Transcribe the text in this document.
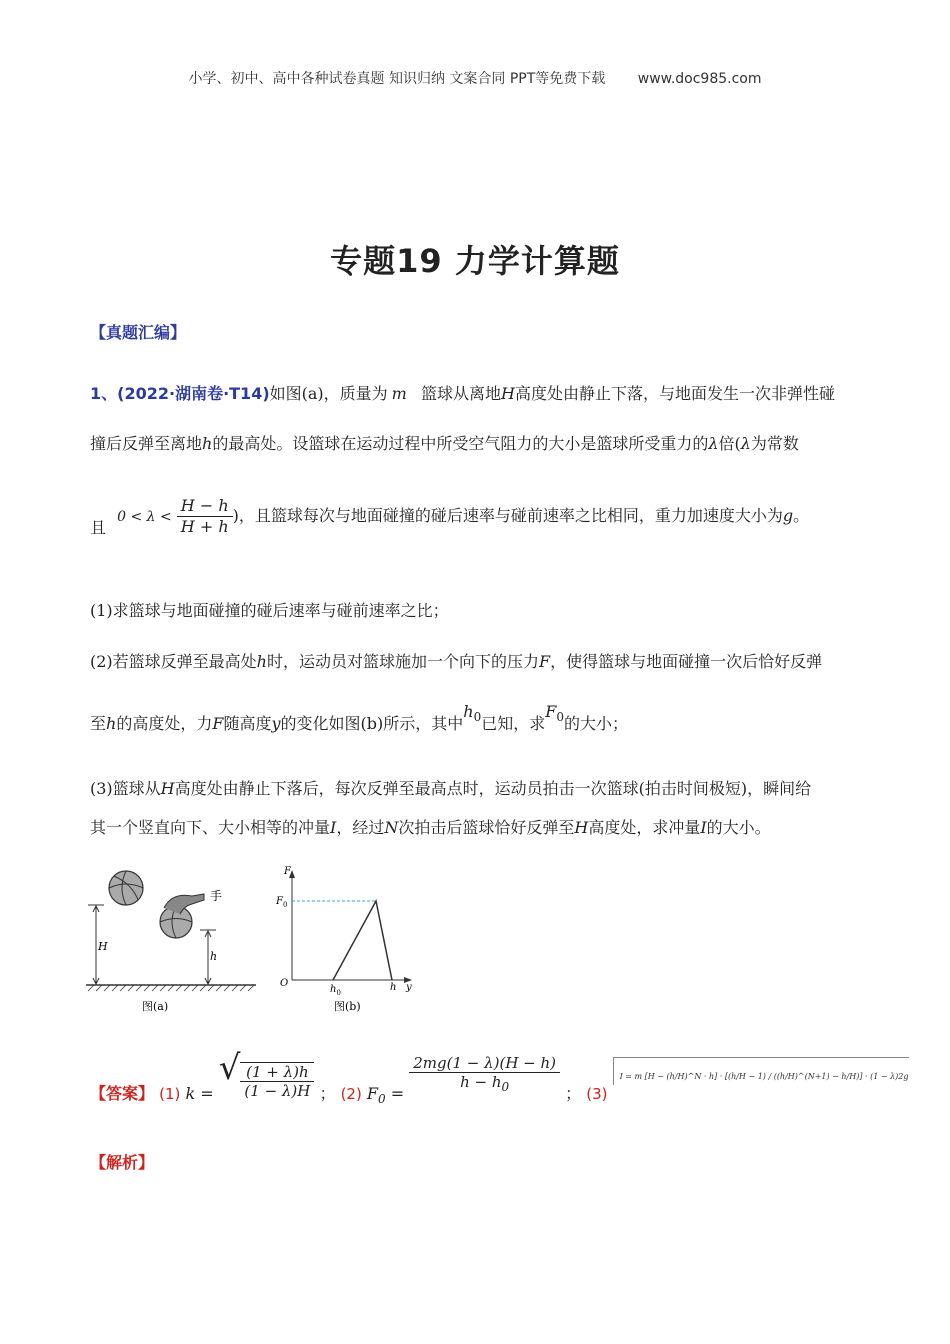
小学、初中、高中各种试卷真题 知识归纳 文案合同 PPT等免费下载 www.doc985.com
专题19 力学计算题
【真题汇编】
1、(2022·湖南卷·T14)如图(a)，质量为 m 篮球从离地H高度处由静止下落，与地面发生一次非弹性碰
撞后反弹至离地h的最高处。设篮球在运动过程中所受空气阻力的大小是篮球所受重力的λ倍(λ为常数
且 $0 < \lambda < \frac{H - h}{H + h}$ )，且篮球每次与地面碰撞的碰后速率与碰前速率之比相同，重力加速度大小为g。
(1)求篮球与地面碰撞的碰后速率与碰前速率之比；
(2)若篮球反弹至最高处h时，运动员对篮球施加一个向下的压力F，使得篮球与地面碰撞一次后恰好反弹
至h的高度处，力F随高度y的变化如图(b)所示，其中$h_0$已知，求$F_0$的大小；
(3)篮球从H高度处由静止下落后，每次反弹至最高点时，运动员拍击一次篮球(拍击时间极短)，瞬间给
其一个竖直向下、大小相等的冲量I，经过N次拍击后篮球恰好反弹至H高度处，求冲量I的大小。
手
H
h
图(a)
F
$F_0$
O
$h_0$	h y
图(b)
【答案】 (1) k = √ $\frac{(1 + \lambda)h}{(1 - \lambda)H}$ ； (2) $F_0 = \frac{2mg(1 - \lambda)(H - h)}{h - h_0}$ ； (3) I = m [H − (h/H)^N · h] · [(h/H − 1) / ((h/H)^(N+1) − h/H)] · (1 − λ)2g
【解析】
